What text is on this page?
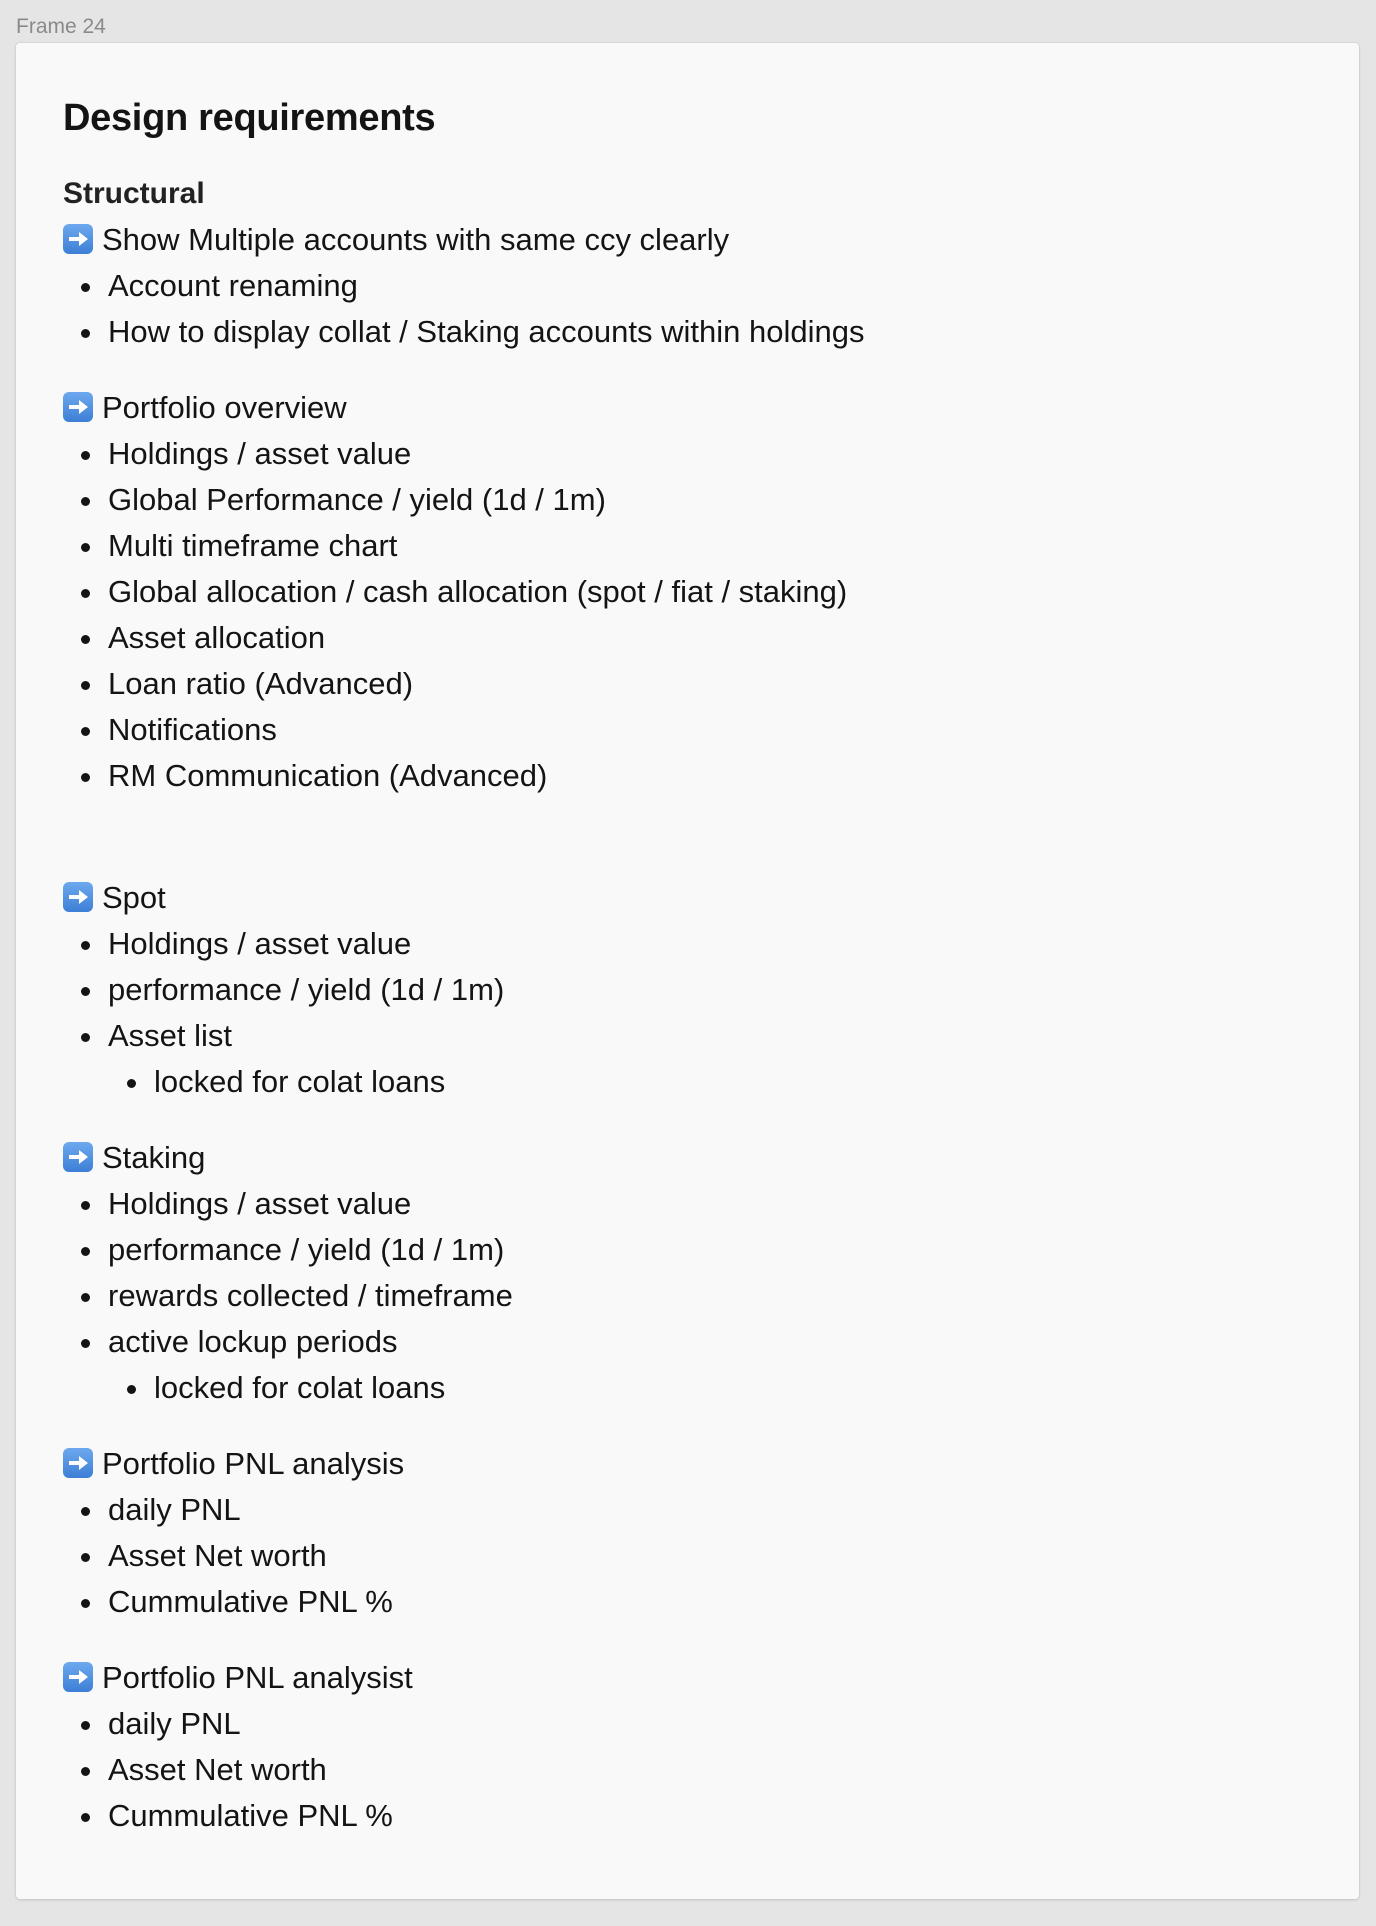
Frame 24
Design requirements
Structural
Show Multiple accounts with same ccy clearly
Account renaming
How to display collat / Staking accounts within holdings
Portfolio overview
Holdings / asset value
Global Performance / yield (1d / 1m)
Multi timeframe chart
Global allocation / cash allocation (spot / fiat / staking)
Asset allocation
Loan ratio (Advanced)
Notifications
RM Communication (Advanced)
Spot
Holdings / asset value
performance / yield (1d / 1m)
Asset list
locked for colat loans
Staking
Holdings / asset value
performance / yield (1d / 1m)
rewards collected / timeframe
active lockup periods
locked for colat loans
Portfolio PNL analysis
daily PNL
Asset Net worth
Cummulative PNL %
Portfolio PNL analysist
daily PNL
Asset Net worth
Cummulative PNL %
